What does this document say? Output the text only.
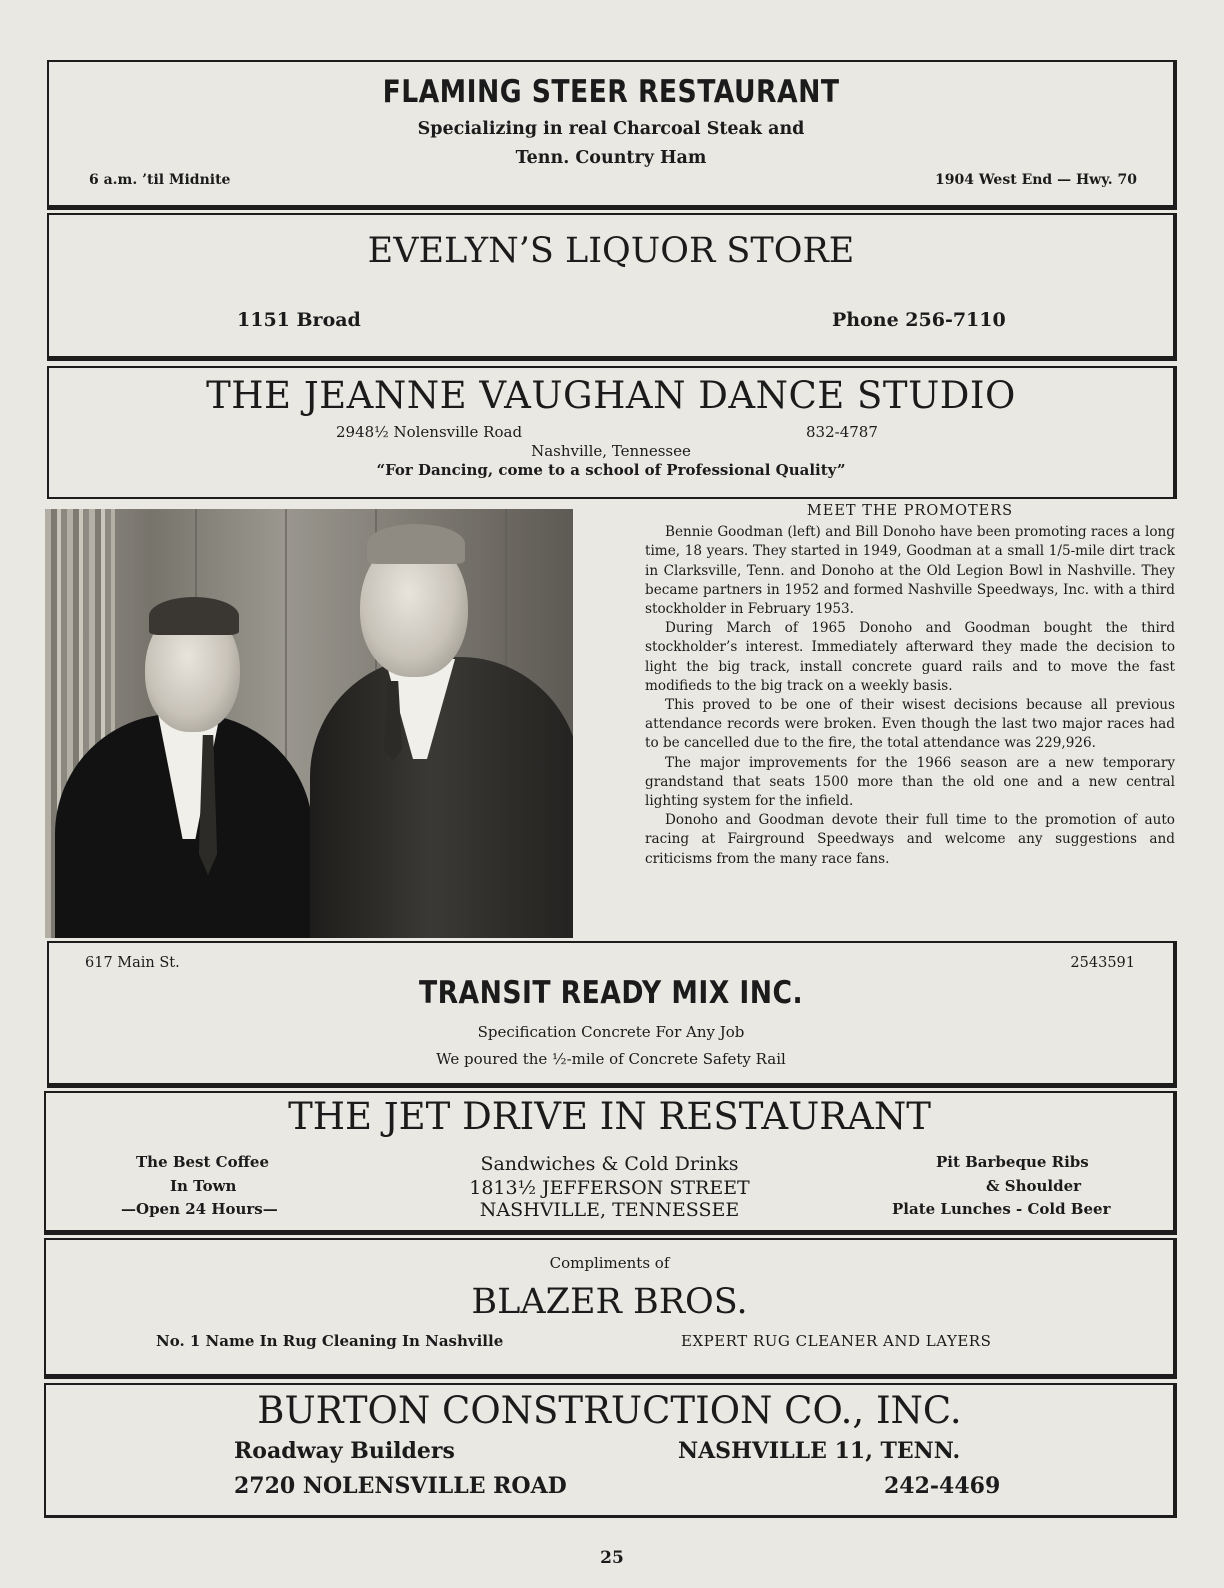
FLAMING STEER RESTAURANT
Specializing in real Charcoal Steak and
Tenn. Country Ham
6 a.m. ’til Midnite	1904 West End — Hwy. 70
EVELYN’S LIQUOR STORE
1151 Broad	Phone 256-7110
THE JEANNE VAUGHAN DANCE STUDIO
2948½ Nolensville Road	832-4787
Nashville, Tennessee
“For Dancing, come to a school of Professional Quality”
MEET THE PROMOTERS

Bennie Goodman (left) and Bill Donoho have been promoting races a long time, 18 years. They started in 1949, Goodman at a small 1/5-mile dirt track in Clarksville, Tenn. and Donoho at the Old Legion Bowl in Nashville. They became partners in 1952 and formed Nashville Speedways, Inc. with a third stockholder in February 1953.

During March of 1965 Donoho and Goodman bought the third stockholder’s interest. Immediately afterward they made the decision to light the big track, install concrete guard rails and to move the fast modifieds to the big track on a weekly basis.

This proved to be one of their wisest decisions because all previous attendance records were broken. Even though the last two major races had to be cancelled due to the fire, the total attendance was 229,926.

The major improvements for the 1966 season are a new temporary grandstand that seats 1500 more than the old one and a new central lighting system for the infield.

Donoho and Goodman devote their full time to the promotion of auto racing at Fairground Speedways and welcome any suggestions and criticisms from the many race fans.

617 Main St.	2543591
TRANSIT READY MIX INC.
Specification Concrete For Any Job
We poured the ½-mile of Concrete Safety Rail
THE JET DRIVE IN RESTAURANT
The Best Coffee
In Town
—Open 24 Hours—
Sandwiches & Cold Drinks
1813½ JEFFERSON STREET
NASHVILLE, TENNESSEE
Pit Barbeque Ribs
& Shoulder
Plate Lunches - Cold Beer
Compliments of
BLAZER BROS.
No. 1 Name In Rug Cleaning In Nashville	EXPERT RUG CLEANER AND LAYERS
BURTON CONSTRUCTION CO., INC.
Roadway Builders
2720 NOLENSVILLE ROAD
NASHVILLE 11, TENN.
242-4469
25
